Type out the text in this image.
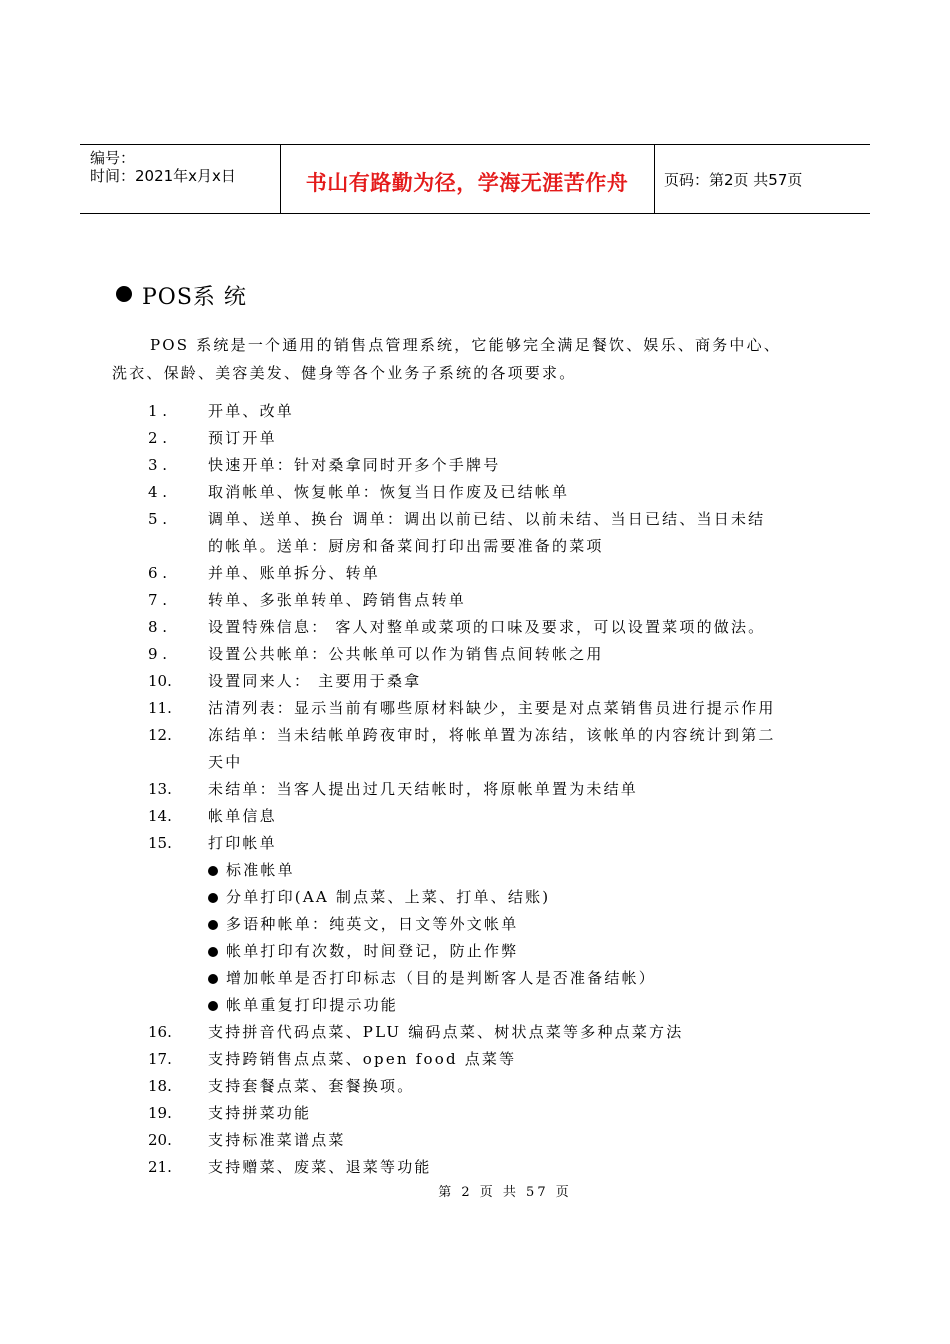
编号：
时间：2021年x月x日	书山有路勤为径，学海无涯苦作舟	页码：第2页 共57页
POS系 统
POS 系统是一个通用的销售点管理系统，它能够完全满足餐饮、娱乐、商务中心、
洗衣、保龄、美容美发、健身等各个业务子系统的各项要求。
1 .	开单、改单
2 .	预订开单
3 .	快速开单：针对桑拿同时开多个手牌号
4 .	取消帐单、恢复帐单：恢复当日作废及已结帐单
5 .	调单、送单、换台 调单：调出以前已结、以前未结、当日已结、当日未结
的帐单。送单：厨房和备菜间打印出需要准备的菜项
6 .	并单、账单拆分、转单
7 .	转单、多张单转单、跨销售点转单
8 .	设置特殊信息： 客人对整单或菜项的口味及要求，可以设置菜项的做法。
9 .	设置公共帐单：公共帐单可以作为销售点间转帐之用
10. 设置同来人： 主要用于桑拿
11. 沽清列表：显示当前有哪些原材料缺少，主要是对点菜销售员进行提示作用
12. 冻结单：当未结帐单跨夜审时，将帐单置为冻结，该帐单的内容统计到第二
天中
13. 未结单：当客人提出过几天结帐时，将原帐单置为未结单
14. 帐单信息
15. 打印帐单
标准帐单
分单打印(AA 制点菜、上菜、打单、结账)
多语种帐单：纯英文，日文等外文帐单
帐单打印有次数，时间登记，防止作弊
增加帐单是否打印标志（目的是判断客人是否准备结帐）
帐单重复打印提示功能
16. 支持拼音代码点菜、PLU 编码点菜、树状点菜等多种点菜方法
17. 支持跨销售点点菜、open food 点菜等
18. 支持套餐点菜、套餐换项。
19. 支持拼菜功能
20. 支持标准菜谱点菜
21. 支持赠菜、废菜、退菜等功能
第 2 页 共 57 页
